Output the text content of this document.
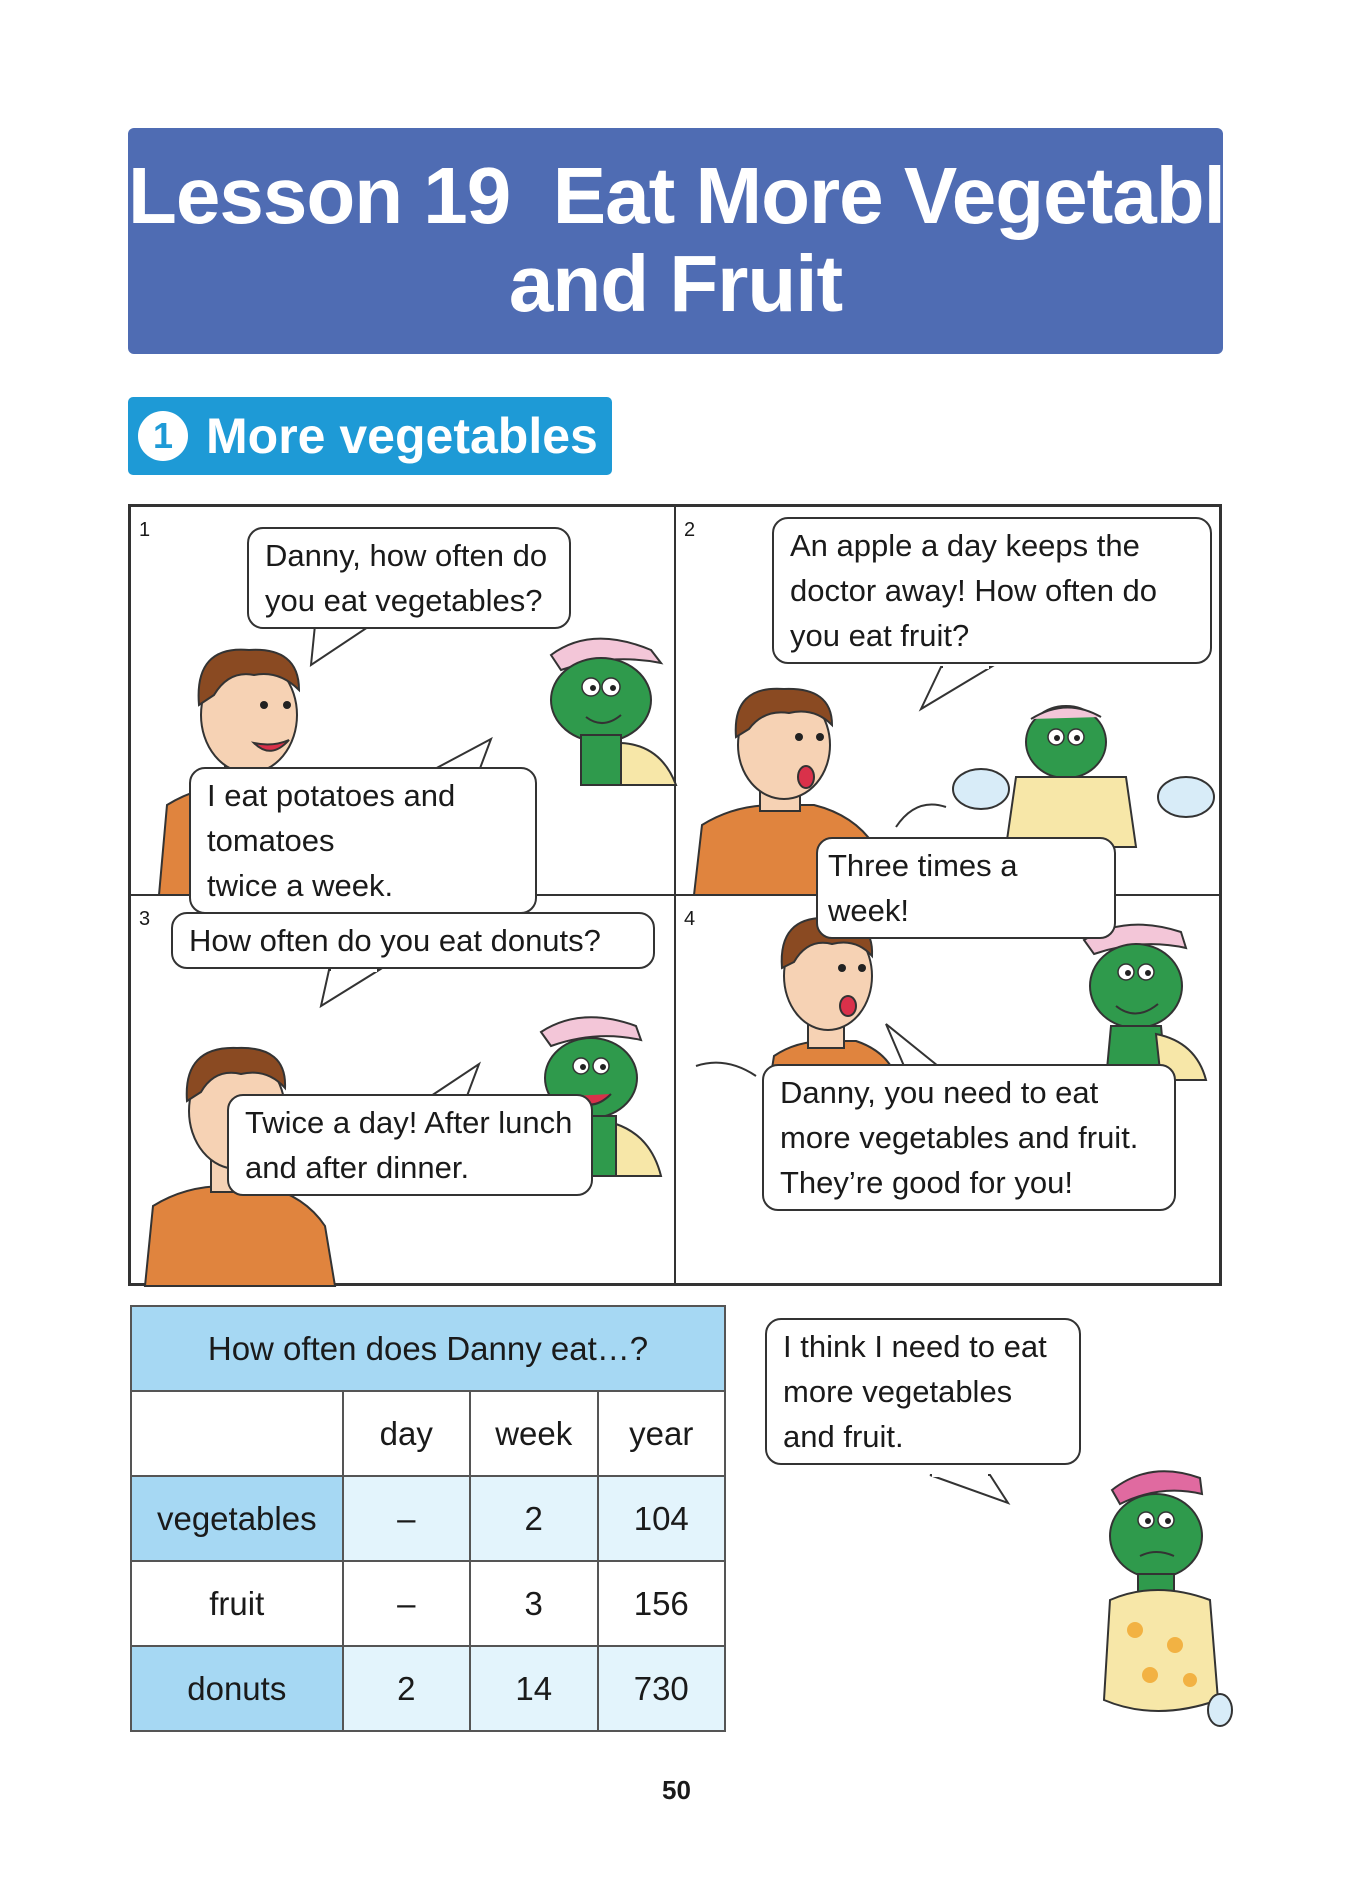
Lesson 19  Eat More Vegetables
and Fruit
1 More vegetables
1
Danny, how often do
you eat vegetables?
I eat potatoes and tomatoes
twice a week.
2	An apple a day keeps the
doctor away! How often do
you eat fruit?
Three times a week!
3
How often do you eat donuts?
Twice a day! After lunch
and after dinner.
4
Danny, you need to eat
more vegetables and fruit.
They’re good for you!
How often does Danny eat…?			
	day	week	year
vegetables	–	2	104
fruit	–	3	156
donuts	2	14	730
I think I need to eat
more vegetables
and fruit.
50
